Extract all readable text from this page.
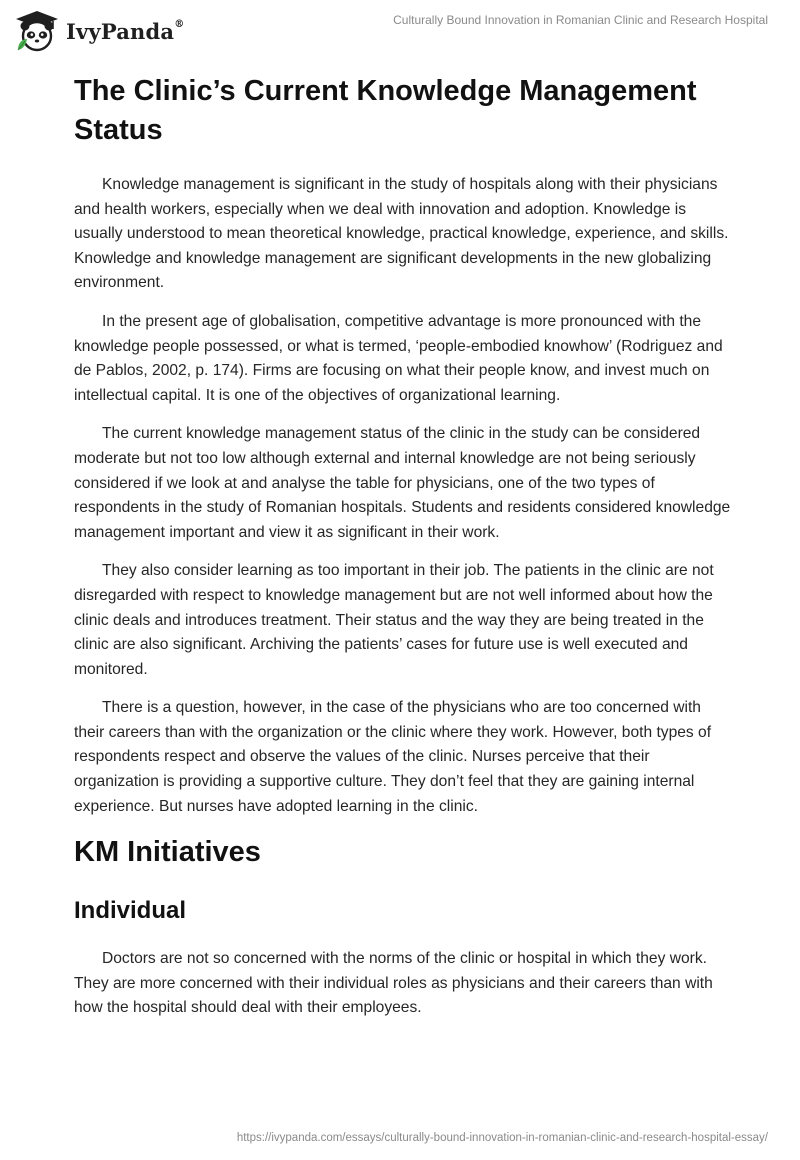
IvyPanda®	Culturally Bound Innovation in Romanian Clinic and Research Hospital
The Clinic’s Current Knowledge Management Status

Knowledge management is significant in the study of hospitals along with their physicians and health workers, especially when we deal with innovation and adoption. Knowledge is usually understood to mean theoretical knowledge, practical knowledge, experience, and skills. Knowledge and knowledge management are significant developments in the new globalizing environment.

In the present age of globalisation, competitive advantage is more pronounced with the knowledge people possessed, or what is termed, ‘people-embodied knowhow’ (Rodriguez and de Pablos, 2002, p. 174). Firms are focusing on what their people know, and invest much on intellectual capital. It is one of the objectives of organizational learning.

The current knowledge management status of the clinic in the study can be considered moderate but not too low although external and internal knowledge are not being seriously considered if we look at and analyse the table for physicians, one of the two types of respondents in the study of Romanian hospitals. Students and residents considered knowledge management important and view it as significant in their work.

They also consider learning as too important in their job. The patients in the clinic are not disregarded with respect to knowledge management but are not well informed about how the clinic deals and introduces treatment. Their status and the way they are being treated in the clinic are also significant. Archiving the patients’ cases for future use is well executed and monitored.

There is a question, however, in the case of the physicians who are too concerned with their careers than with the organization or the clinic where they work. However, both types of respondents respect and observe the values of the clinic. Nurses perceive that their organization is providing a supportive culture. They don’t feel that they are gaining internal experience. But nurses have adopted learning in the clinic.

KM Initiatives
Individual

Doctors are not so concerned with the norms of the clinic or hospital in which they work. They are more concerned with their individual roles as physicians and their careers than with how the hospital should deal with their employees.

https://ivypanda.com/essays/culturally-bound-innovation-in-romanian-clinic-and-research-hospital-essay/
